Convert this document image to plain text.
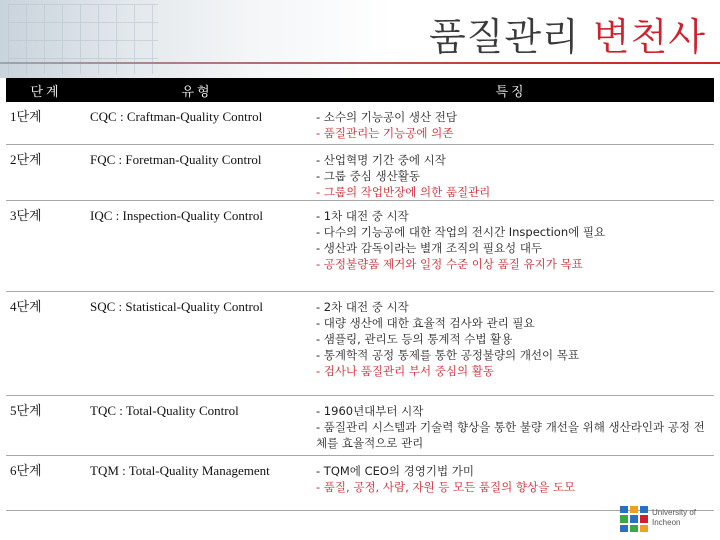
품질관리 변천사
단계	유형	특징
1단계	CQC : Craftman-Quality Control	- 소수의 기능공이 생산 전담
- 품질관리는 기능공에 의존

2단계	FQC : Foretman-Quality Control	- 산업혁명 기간 중에 시작
- 그룹 중심 생산활동
- 그룹의 작업반장에 의한 품질관리

3단계	IQC : Inspection-Quality Control	- 1차 대전 중 시작
- 다수의 기능공에 대한 작업의 전시간 Inspection에 필요
- 생산과 감독이라는 별개 조직의 필요성 대두
- 공정불량품 제거와 일정 수준 이상 품질 유지가 목표

4단계	SQC : Statistical-Quality Control	- 2차 대전 중 시작
- 대량 생산에 대한 효율적 검사와 관리 필요
- 샘플링, 관리도 등의 통계적 수법 활용
- 통계학적 공정 통제를 통한 공정불량의 개선이 목표
- 검사나 품질관리 부서 중심의 활동

5단계	TQC : Total-Quality Control	- 1960년대부터 시작
- 품질관리 시스템과 기술력 향상을 통한 불량 개선을 위해 생산라인과 공정 전체를 효율적으로 관리

6단계	TQM : Total-Quality Management	- TQM에 CEO의 경영기법 가미
- 품질, 공정, 사람, 자원 등 모든 품질의 향상을 도모
University of Incheon
